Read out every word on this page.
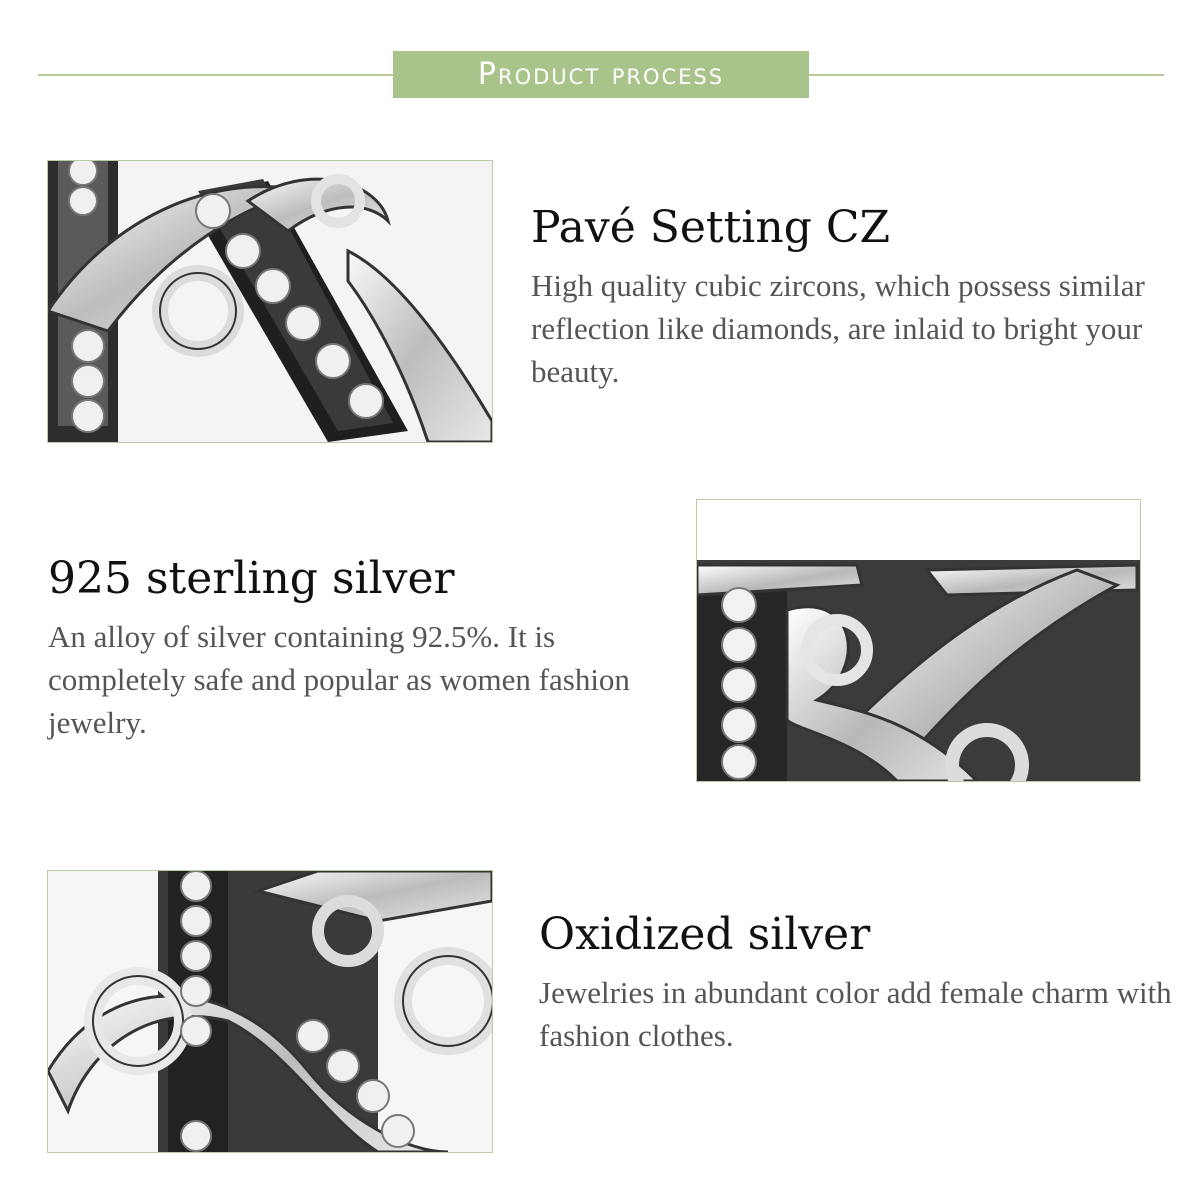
Product process
Pavé Setting CZ

High quality cubic zircons, which possess similar reflection like diamonds, are inlaid to bright your beauty.

925 sterling silver

An alloy of silver containing 92.5%. It is completely safe and popular as women fashion jewelry.

Oxidized silver

Jewelries in abundant color add female charm with fashion clothes.
